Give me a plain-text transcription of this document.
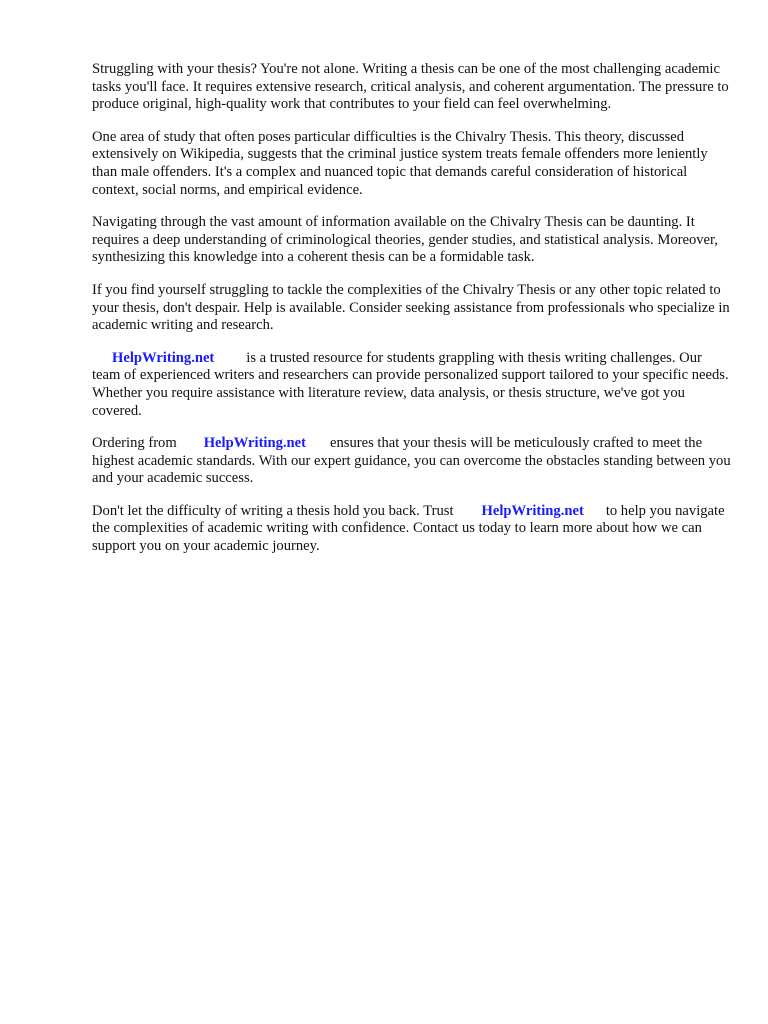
Struggling with your thesis? You're not alone. Writing a thesis can be one of the most challenging academic tasks you'll face. It requires extensive research, critical analysis, and coherent argumentation. The pressure to produce original, high-quality work that contributes to your field can feel overwhelming.

One area of study that often poses particular difficulties is the Chivalry Thesis. This theory, discussed extensively on Wikipedia, suggests that the criminal justice system treats female offenders more leniently than male offenders. It's a complex and nuanced topic that demands careful consideration of historical context, social norms, and empirical evidence.

Navigating through the vast amount of information available on the Chivalry Thesis can be daunting. It requires a deep understanding of criminological theories, gender studies, and statistical analysis. Moreover, synthesizing this knowledge into a coherent thesis can be a formidable task.

If you find yourself struggling to tackle the complexities of the Chivalry Thesis or any other topic related to your thesis, don't despair. Help is available. Consider seeking assistance from professionals who specialize in academic writing and research.

HelpWriting.net is a trusted resource for students grappling with thesis writing challenges. Our team of experienced writers and researchers can provide personalized support tailored to your specific needs. Whether you require assistance with literature review, data analysis, or thesis structure, we've got you covered.

Ordering from HelpWriting.net ensures that your thesis will be meticulously crafted to meet the highest academic standards. With our expert guidance, you can overcome the obstacles standing between you and your academic success.

Don't let the difficulty of writing a thesis hold you back. Trust HelpWriting.net to help you navigate the complexities of academic writing with confidence. Contact us today to learn more about how we can support you on your academic journey.
